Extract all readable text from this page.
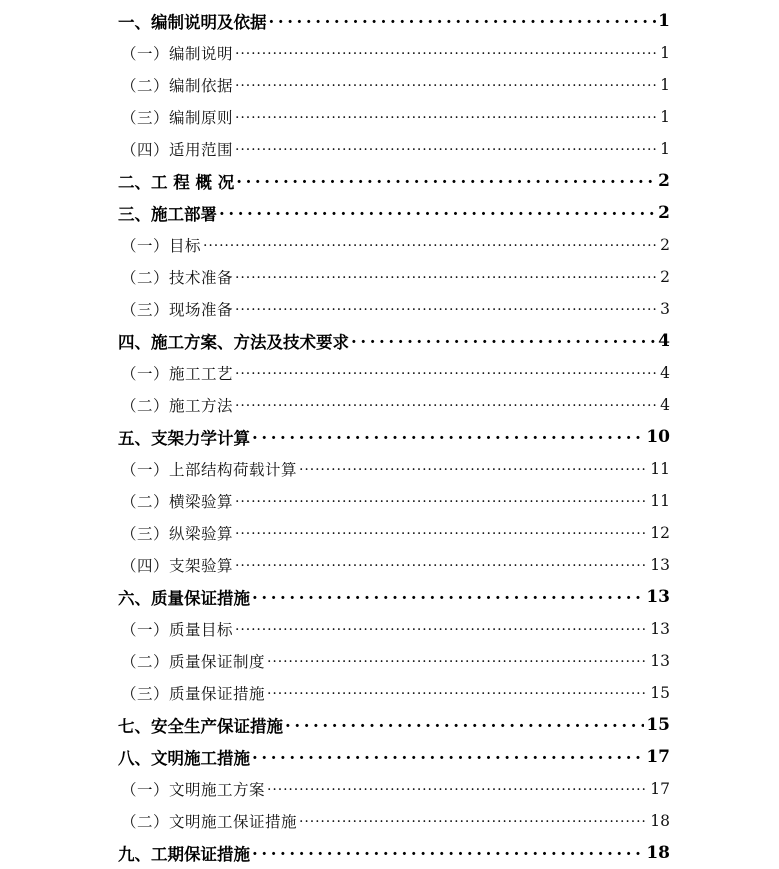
一、编制说明及依据 .....	1
（一）编制说明 .....	1
（二）编制依据 .....	1
（三）编制原则 .....	1
（四）适用范围 .....	1
二、工 程 概 况 .....	2
三、施工部署 .....	2
（一）目标 .....	2
（二）技术准备 .....	2
（三）现场准备 .....	3
四、施工方案、方法及技术要求 .....	4
（一）施工工艺 .....	4
（二）施工方法 .....	4
五、支架力学计算 .....	10
（一）上部结构荷载计算 .....	11
（二）横梁验算 .....	11
（三）纵梁验算 .....	12
（四）支架验算 .....	13
六、质量保证措施 .....	13
（一）质量目标 .....	13
（二）质量保证制度 .....	13
（三）质量保证措施 .....	15
七、安全生产保证措施 .....	15
八、文明施工措施 .....	17
（一）文明施工方案 .....	17
（二）文明施工保证措施 .....	18
九、工期保证措施 .....	18
